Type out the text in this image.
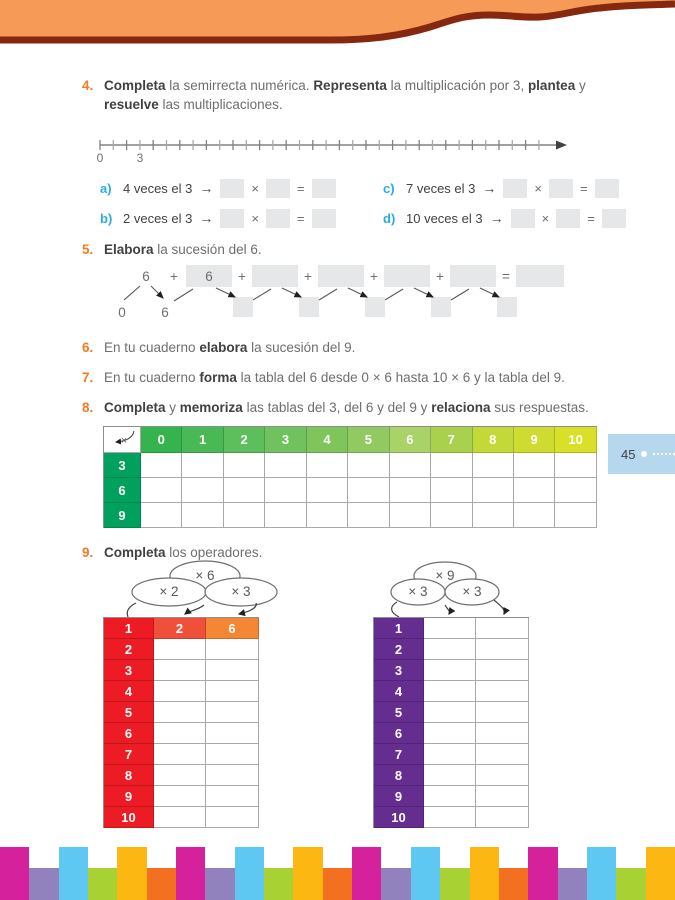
4. Completa la semirrecta numérica. Representa la multiplicación por 3, plantea y resuelve las multiplicaciones.
0	3
a) 4 veces el 3 →	×	=
b) 2 veces el 3 →	×	=
c) 7 veces el 3 →	×	=
d) 10 veces el 3 →	×	=
5. Elabora la sucesión del 6.
6 + 6 +	+	+	+	=
0	6
6. En tu cuaderno elabora la sucesión del 9.
7. En tu cuaderno forma la tabla del 6 desde 0 × 6 hasta 10 × 6 y la tabla del 9.
8. Completa y memoriza las tablas del 3, del 6 y del 9 y relaciona sus respuestas.
×	0	1	2	3	4	5	6	7	8	9	10
3
6
9
45
9. Completa los operadores.
× 6
× 2	× 3
× 9
× 3	× 3
1	2	6
2
3
4
5
6
7
8
9
10
1
2
3
4
5
6
7
8
9
10
